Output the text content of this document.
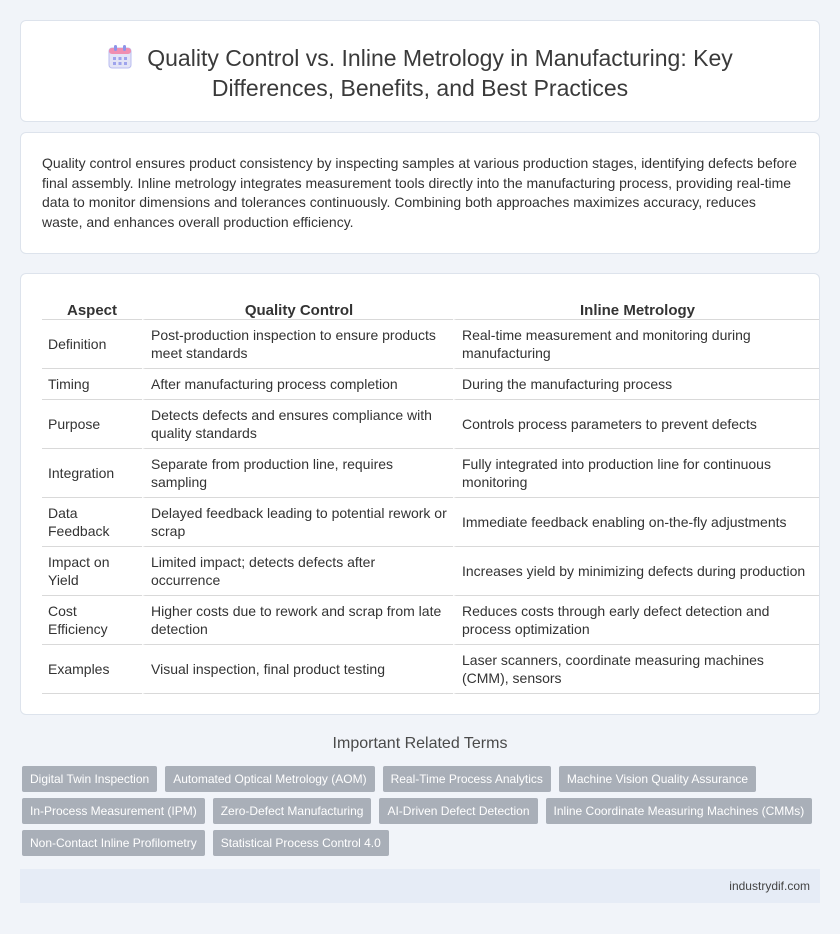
Quality Control vs. Inline Metrology in Manufacturing: Key
Differences, Benefits, and Best Practices

Quality control ensures product consistency by inspecting samples at various production stages, identifying defects before final assembly. Inline metrology integrates measurement tools directly into the manufacturing process, providing real-time data to monitor dimensions and tolerances continuously. Combining both approaches maximizes accuracy, reduces waste, and enhances overall production efficiency.

Aspect	Quality Control	Inline Metrology
Definition	Post-production inspection to ensure products meet standards	Real-time measurement and monitoring during manufacturing
Timing	After manufacturing process completion	During the manufacturing process
Purpose	Detects defects and ensures compliance with quality standards	Controls process parameters to prevent defects
Integration	Separate from production line, requires sampling	Fully integrated into production line for continuous monitoring
Data Feedback	Delayed feedback leading to potential rework or scrap	Immediate feedback enabling on-the-fly adjustments
Impact on Yield	Limited impact; detects defects after occurrence	Increases yield by minimizing defects during production
Cost Efficiency	Higher costs due to rework and scrap from late detection	Reduces costs through early defect detection and process optimization
Examples	Visual inspection, final product testing	Laser scanners, coordinate measuring machines (CMM), sensors
Important Related Terms
Digital Twin Inspection	Automated Optical Metrology (AOM)	Real-Time Process Analytics	Machine Vision Quality Assurance
In-Process Measurement (IPM)	Zero-Defect Manufacturing	AI-Driven Defect Detection	Inline Coordinate Measuring Machines (CMMs)
Non-Contact Inline Profilometry	Statistical Process Control 4.0
industrydif.com
